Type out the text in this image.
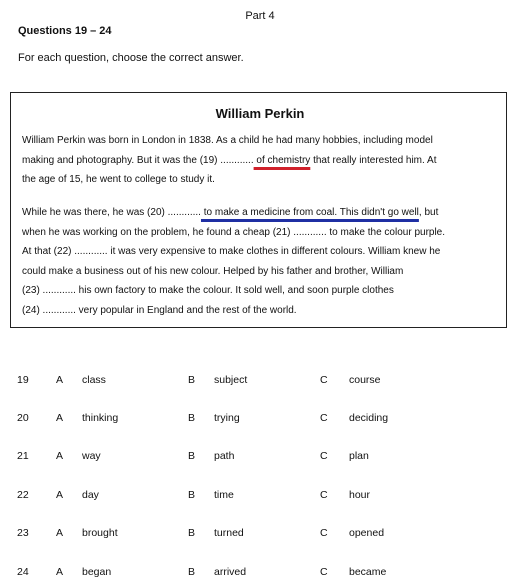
Part 4
Questions 19 – 24
For each question, choose the correct answer.
William Perkin

William Perkin was born in London in 1838. As a child he had many hobbies, including model

making and photography. But it was the (19) ............ of chemistry that really interested him. At

the age of 15, he went to college to study it.

While he was there, he was (20) ............ to make a medicine from coal. This didn't go well, but

when he was working on the problem, he found a cheap (21) ............ to make the colour purple.

At that (22) ............ it was very expensive to make clothes in different colours. William knew he

could make a business out of his new colour. Helped by his father and brother, William

(23) ............ his own factory to make the colour. It sold well, and soon purple clothes

(24) ............ very popular in England and the rest of the world.

19	A class	B subject	C course
20	A thinking	B trying	C deciding
21	A way	B path	C plan
22	A day	B time	C hour
23	A brought	B turned	C opened
24	A began	B arrived	C became
